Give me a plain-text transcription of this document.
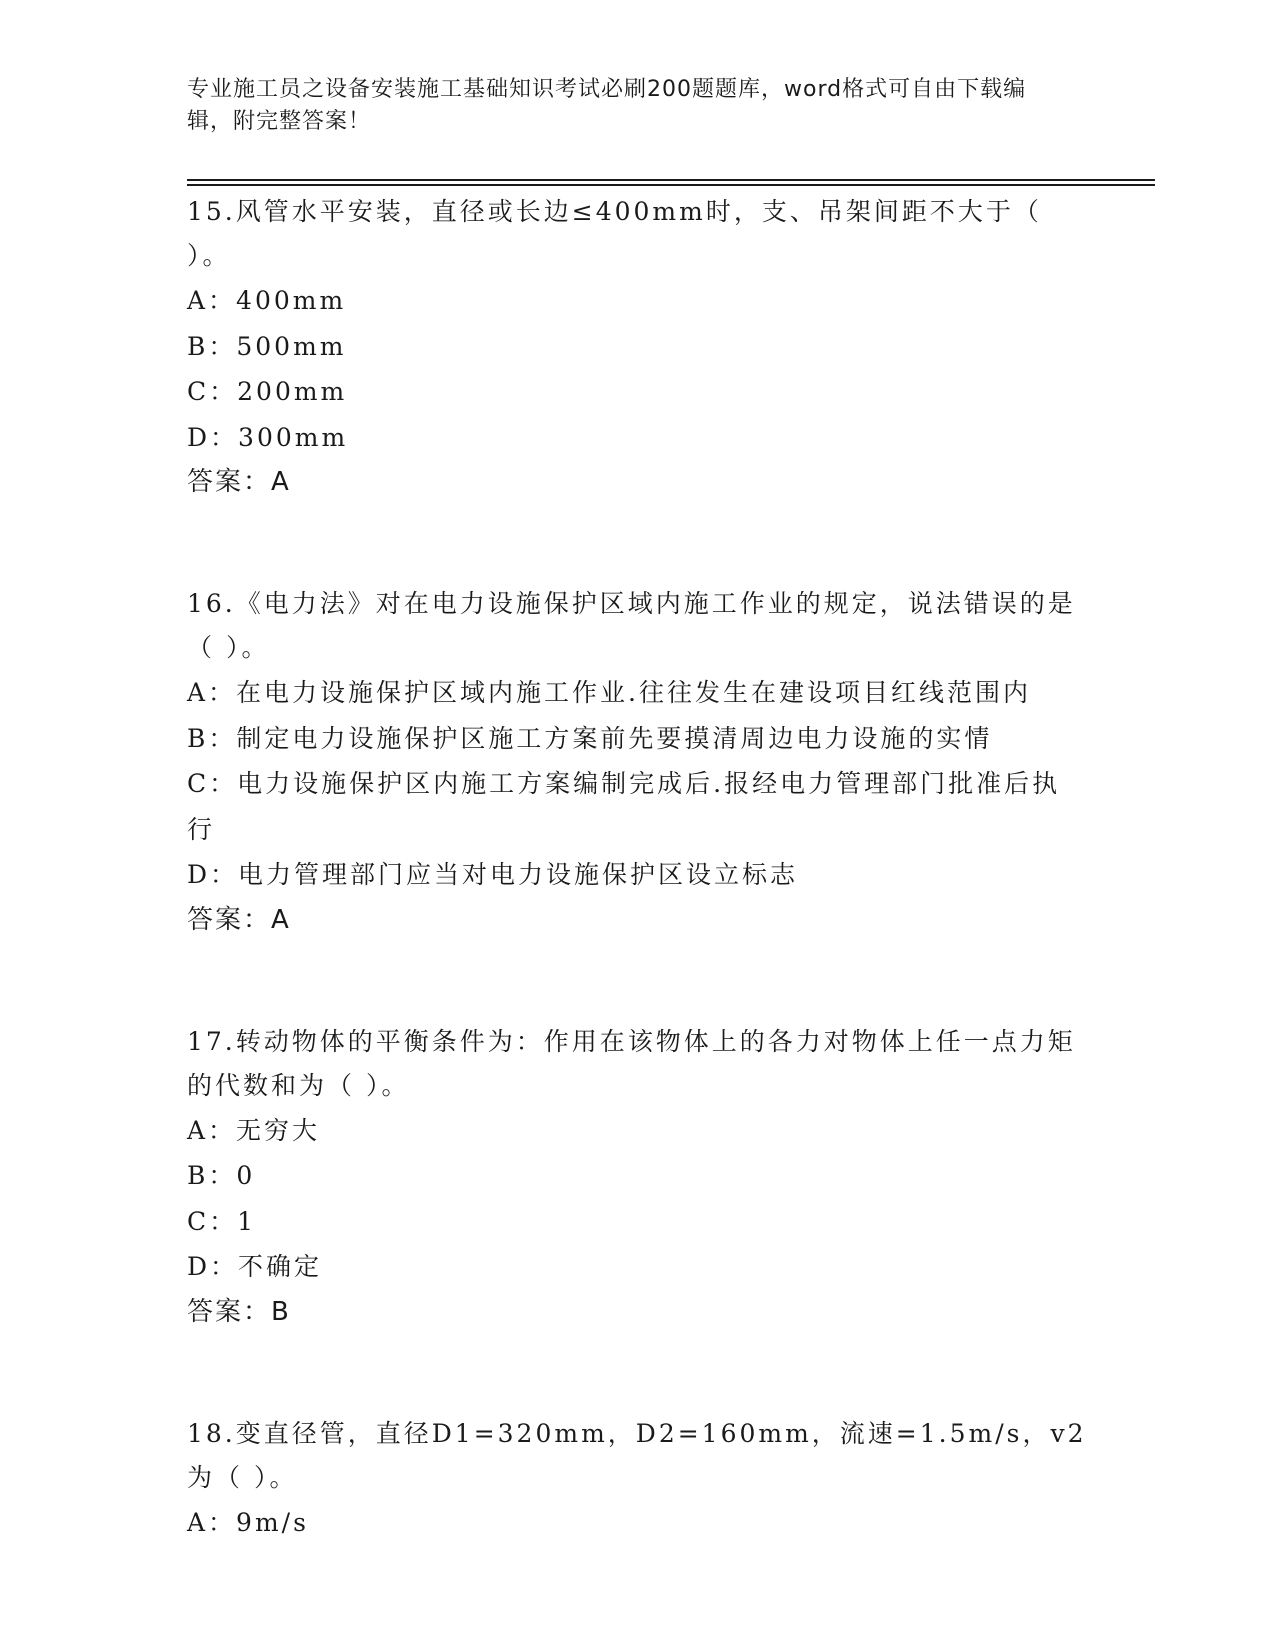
专业施工员之设备安装施工基础知识考试必刷200题题库，word格式可自由下载编辑，附完整答案！
15.风管水平安装，直径或长边≤400mm时，支、吊架间距不大于（ ）。
A：400mm
B：500mm
C：200mm
D：300mm
答案：A
16.《电力法》对在电力设施保护区域内施工作业的规定，说法错误的是（ ）。
A：在电力设施保护区域内施工作业.往往发生在建设项目红线范围内
B：制定电力设施保护区施工方案前先要摸清周边电力设施的实情
C：电力设施保护区内施工方案编制完成后.报经电力管理部门批准后执行
D：电力管理部门应当对电力设施保护区设立标志
答案：A
17.转动物体的平衡条件为：作用在该物体上的各力对物体上任一点力矩的代数和为（ ）。
A：无穷大
B：0
C：1
D：不确定
答案：B
18.变直径管，直径D1=320mm，D2=160mm，流速=1.5m/s，v2为（ ）。
A：9m/s
